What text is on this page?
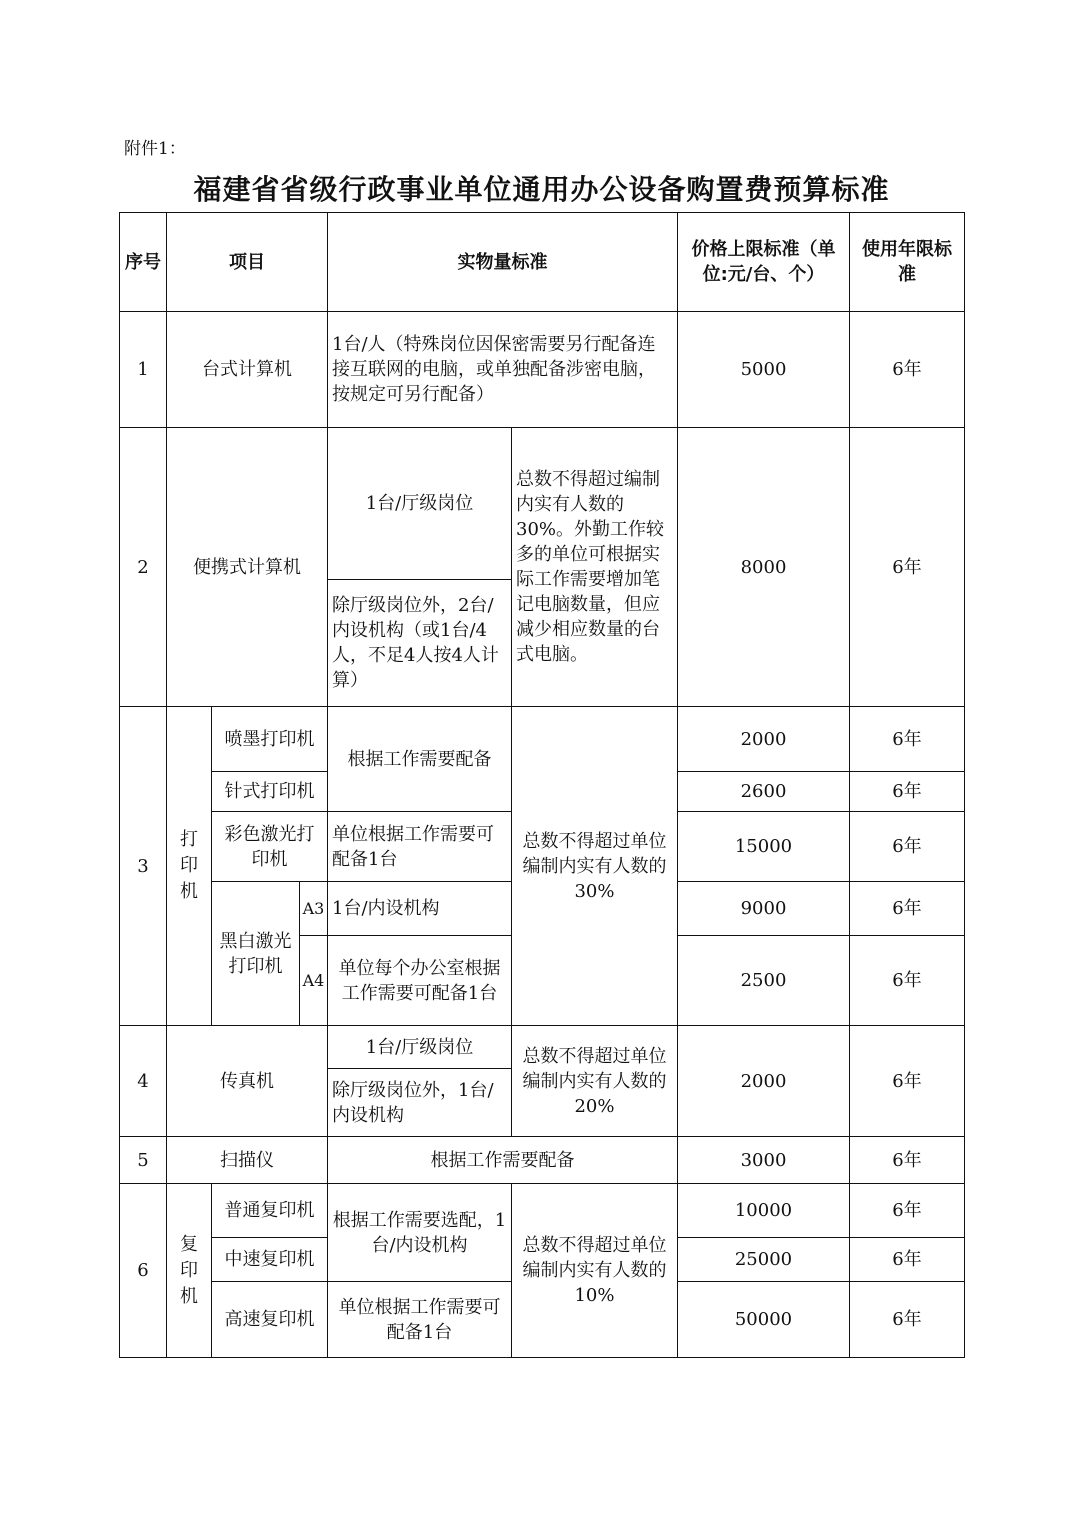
附件1：
福建省省级行政事业单位通用办公设备购置费预算标准
序号	项目			实物量标准		价格上限标准（单位:元/台、个）	使用年限标准
1	台式计算机			1台/人（特殊岗位因保密需要另行配备连接互联网的电脑，或单独配备涉密电脑，按规定可另行配备）		5000	6年
2	便携式计算机			1台/厅级岗位	总数不得超过编制内实有人数的30%。外勤工作较多的单位可根据实际工作需要增加笔记电脑数量，但应减少相应数量的台式电脑。	8000	6年
				除厅级岗位外，2台/内设机构（或1台/4人，不足4人按4人计算）			
3	打印机	喷墨打印机		根据工作需要配备	总数不得超过单位编制内实有人数的30%	2000	6年
		针式打印机				2600	6年
		彩色激光打印机		单位根据工作需要可配备1台		15000	6年
		黑白激光打印机	A3	1台/内设机构		9000	6年
			A4	单位每个办公室根据工作需要可配备1台		2500	6年
4	传真机			1台/厅级岗位	总数不得超过单位编制内实有人数的20%	2000	6年
				除厅级岗位外，1台/内设机构			
5	扫描仪			根据工作需要配备		3000	6年
6	复印机	普通复印机		根据工作需要选配，1台/内设机构	总数不得超过单位编制内实有人数的10%	10000	6年
		中速复印机				25000	6年
		高速复印机		单位根据工作需要可配备1台		50000	6年
